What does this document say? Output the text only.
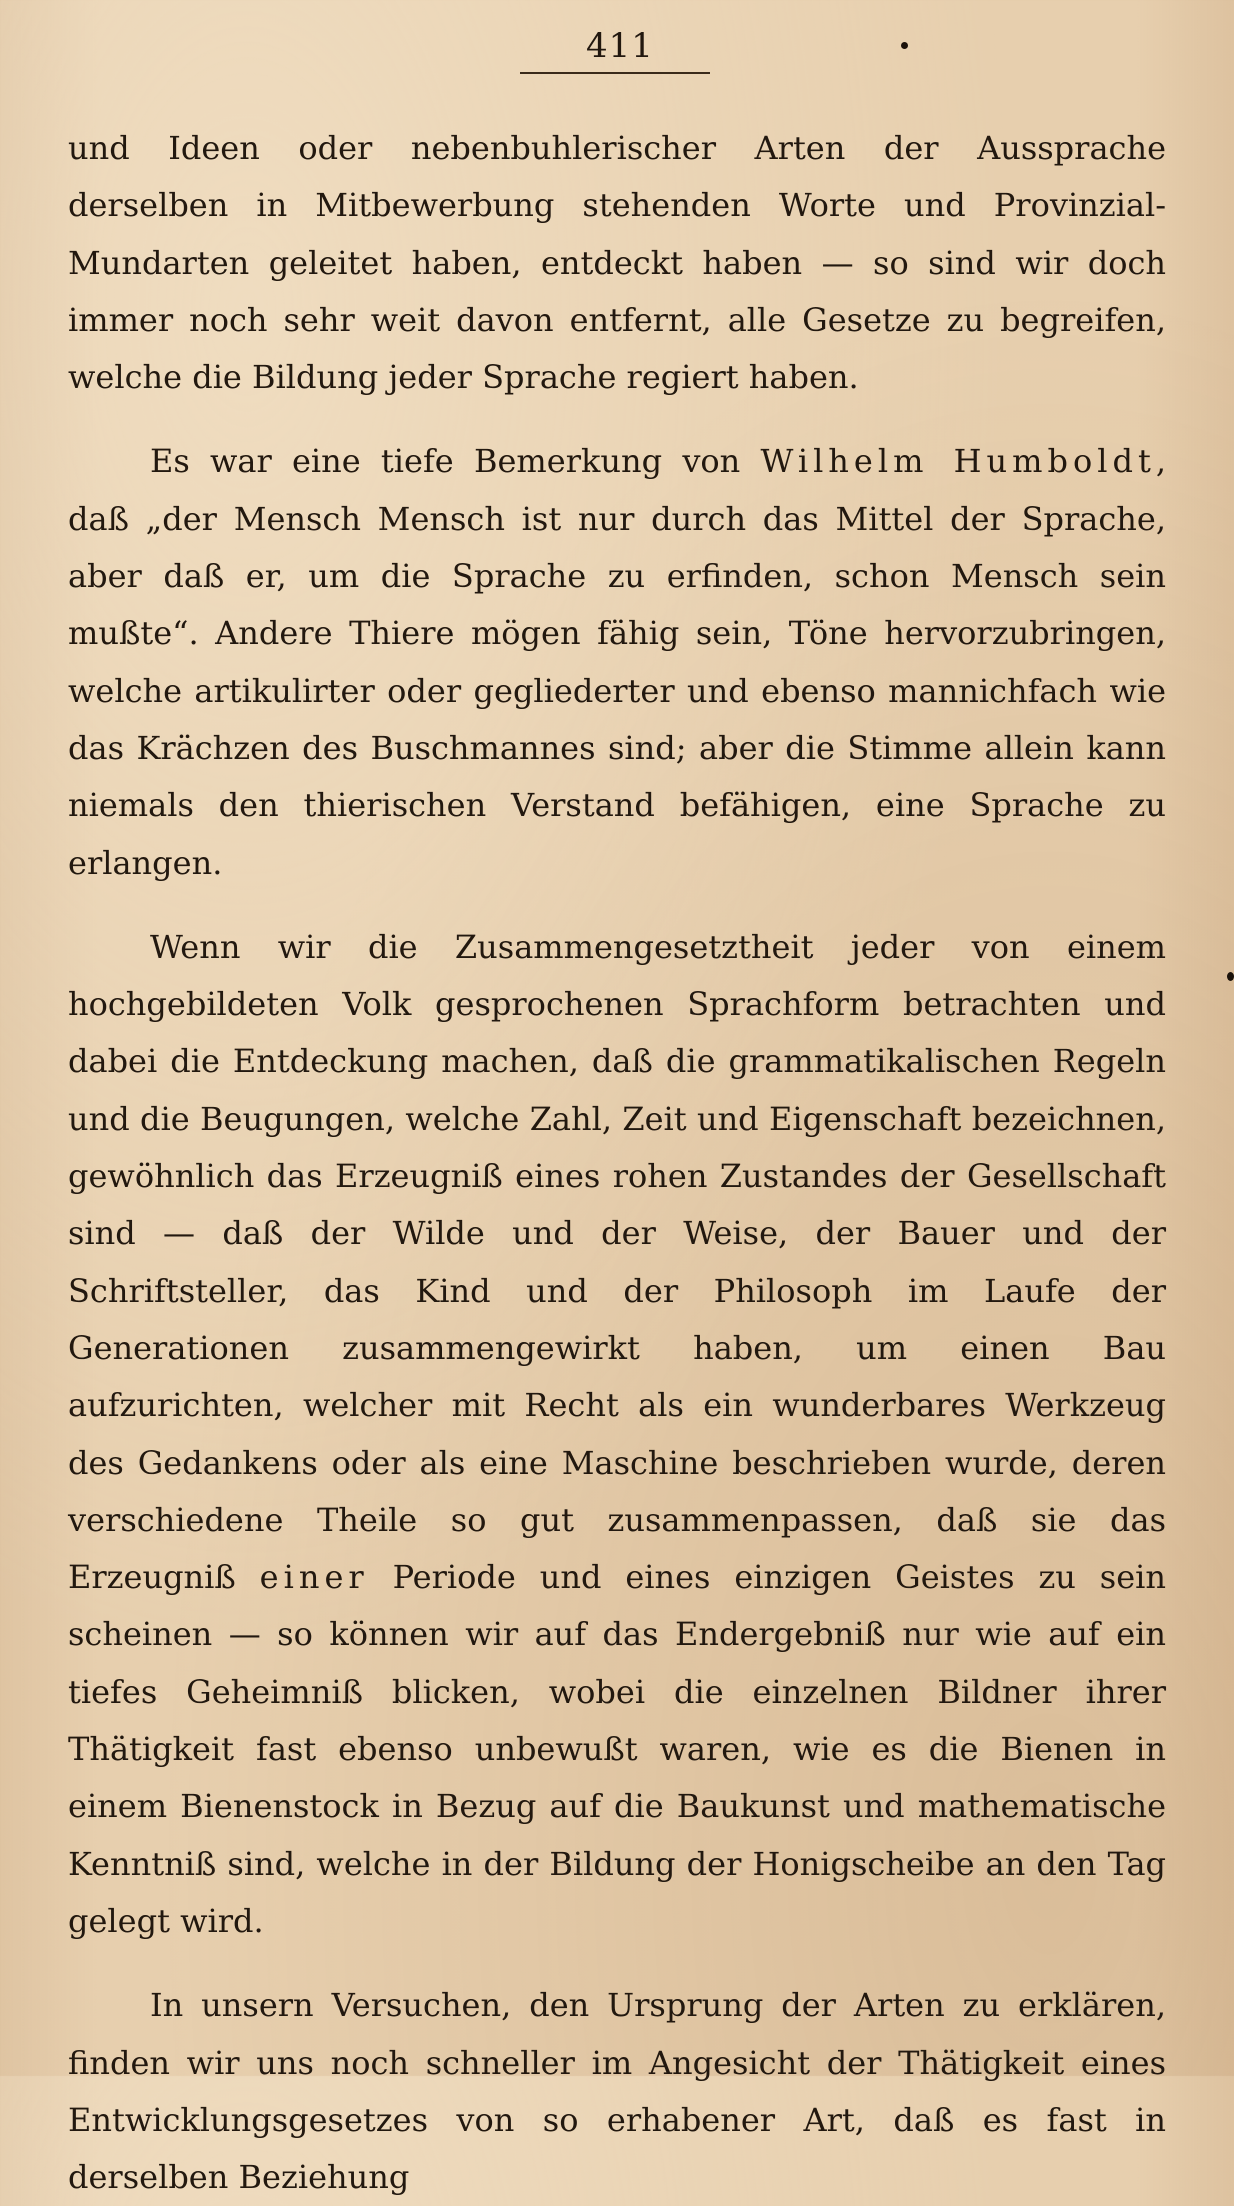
411

und Ideen oder nebenbuhlerischer Arten der Aussprache derselben in Mitbewerbung stehenden Worte und Provinzial-Mundarten geleitet haben, entdeckt haben — so sind wir doch immer noch sehr weit davon entfernt, alle Gesetze zu begreifen, welche die Bildung jeder Sprache regiert haben.

Es war eine tiefe Bemerkung von Wilhelm Humboldt, daß „der Mensch Mensch ist nur durch das Mittel der Sprache, aber daß er, um die Sprache zu erfinden, schon Mensch sein mußte“. Andere Thiere mögen fähig sein, Töne hervorzubringen, welche artikulirter oder gegliederter und ebenso mannichfach wie das Krächzen des Buschmannes sind; aber die Stimme allein kann niemals den thierischen Verstand befähigen, eine Sprache zu erlangen.

Wenn wir die Zusammengesetztheit jeder von einem hochgebildeten Volk gesprochenen Sprachform betrachten und dabei die Entdeckung machen, daß die grammatikalischen Regeln und die Beugungen, welche Zahl, Zeit und Eigenschaft bezeichnen, gewöhnlich das Erzeugniß eines rohen Zustandes der Gesellschaft sind — daß der Wilde und der Weise, der Bauer und der Schriftsteller, das Kind und der Philosoph im Laufe der Generationen zusammengewirkt haben, um einen Bau aufzurichten, welcher mit Recht als ein wunderbares Werkzeug des Gedankens oder als eine Maschine beschrieben wurde, deren verschiedene Theile so gut zusammenpassen, daß sie das Erzeugniß einer Periode und eines einzigen Geistes zu sein scheinen — so können wir auf das Endergebniß nur wie auf ein tiefes Geheimniß blicken, wobei die einzelnen Bildner ihrer Thätigkeit fast ebenso unbewußt waren, wie es die Bienen in einem Bienenstock in Bezug auf die Baukunst und mathematische Kenntniß sind, welche in der Bildung der Honigscheibe an den Tag gelegt wird.

In unsern Versuchen, den Ursprung der Arten zu erklären, finden wir uns noch schneller im Angesicht der Thätigkeit eines Entwicklungsgesetzes von so erhabener Art, daß es fast in derselben Beziehung
